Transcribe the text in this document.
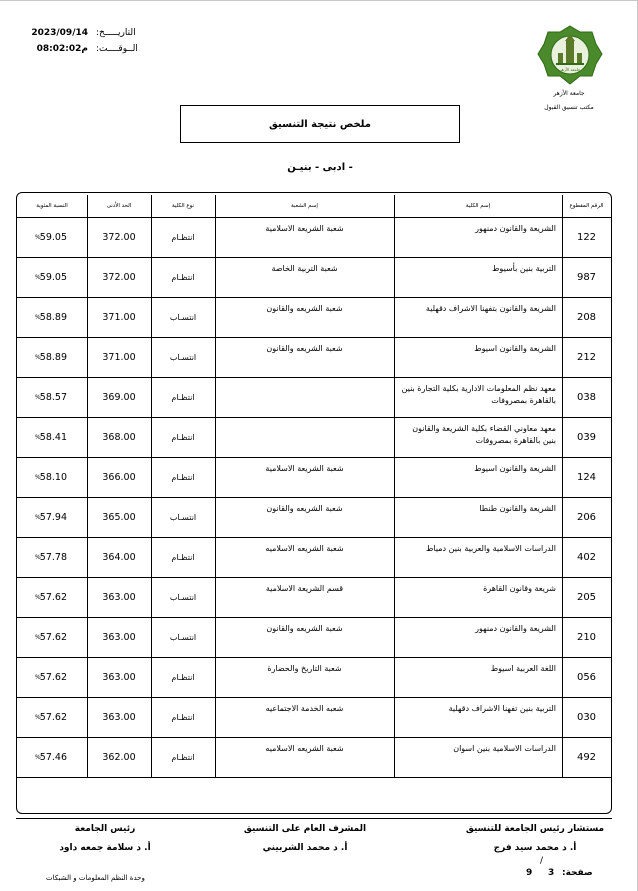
2023/09/14 التاريـــــخ:
08:02:02م الــوقــــت:
جامعة الأزهر
جامعة الأزهر
مكتب تنسيق القبول
ملخص نتيجة التنسيق
- ادبى - بنيـن
الرقم المقطوع
إسم الكلية
إسم الشعبة
نوع الكلية
الحد الأدنى
النسبة المئوية
122
الشريعة والقانون دمنهور
شعبة الشريعة الاسلامية
انتظـام
372.00
59.05
%
987
التربية بنين بأسيوط
شعبة التربية الخاصة
انتظـام
372.00
59.05
%
208
الشريعة والقانون بتفهنا الاشراف دقهلية
شعبة الشريعه والقانون
انتسـاب
371.00
58.89
%
212
الشريعة والقانون اسيوط
شعبة الشريعه والقانون
انتسـاب
371.00
58.89
%
038
معهد نظم المعلومات الادارية بكلية التجارة بنين بالقاهرة بمصروفات
انتظـام
369.00
58.57
%
039
معهد معاوني القضاء بكلية الشريعة والقانون بنين بالقاهرة بمصروفات
انتظـام
368.00
58.41
%
124
الشريعة والقانون اسيوط
شعبة الشريعة الاسلامية
انتظـام
366.00
58.10
%
206
الشريعة والقانون طنطا
شعبة الشريعه والقانون
انتسـاب
365.00
57.94
%
402
الدراسات الاسلامية والعربية بنين دمياط
شعبة الشريعه الاسلاميه
انتظـام
364.00
57.78
%
205
شريعة وقانون القاهرة
قسم الشريعة الاسلامية
انتسـاب
363.00
57.62
%
210
الشريعة والقانون دمنهور
شعبة الشريعه والقانون
انتسـاب
363.00
57.62
%
056
اللغة العربية اسيوط
شعبة التاريخ والحضارة
انتظـام
363.00
57.62
%
030
التربية بنين تفهنا الاشراف دقهلية
شعبه الخدمة الاجتماعيه
انتظـام
363.00
57.62
%
492
الدراسات الاسلامية بنين اسوان
شعبة الشريعه الاسلاميه
انتظـام
362.00
57.46
%
رئيس الجامعة
أ. د سلامة جمعه داود
المشرف العام على التنسيق
أ. د محمد الشربيني
مستشار رئيس الجامعة للتنسيق
أ. د محمد سيد فرج
صفحة:
9 3
/
وحدة النظم المعلومات و الشبكات
